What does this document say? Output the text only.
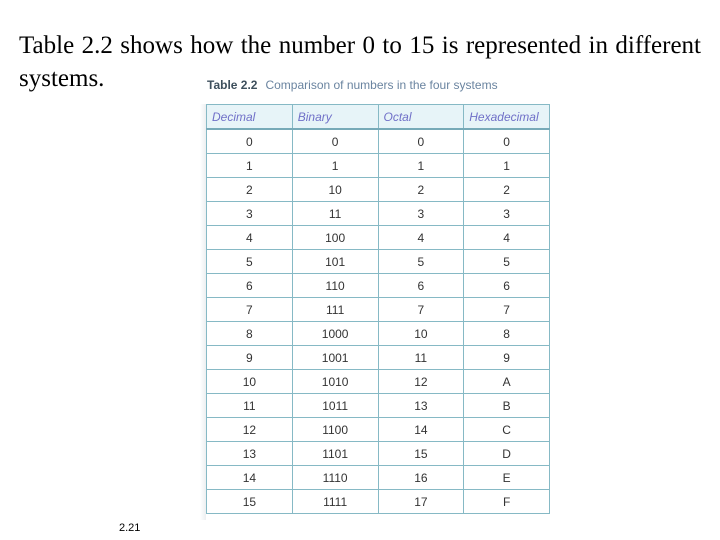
Table 2.2 shows how the number 0 to 15 is represented in different systems.	Table 2.2 Comparison of numbers in the four systems
Decimal	Binary	Octal	Hexadecimal
0	0	0	0
1	1	1	1
2	10	2	2
3	11	3	3
4	100	4	4
5	101	5	5
6	110	6	6
7	111	7	7
8	1000	10	8
9	1001	11	9
10	1010	12	A
11	1011	13	B
12	1100	14	C
13	1101	15	D
14	1110	16	E
15	1111	17	F
2.21
